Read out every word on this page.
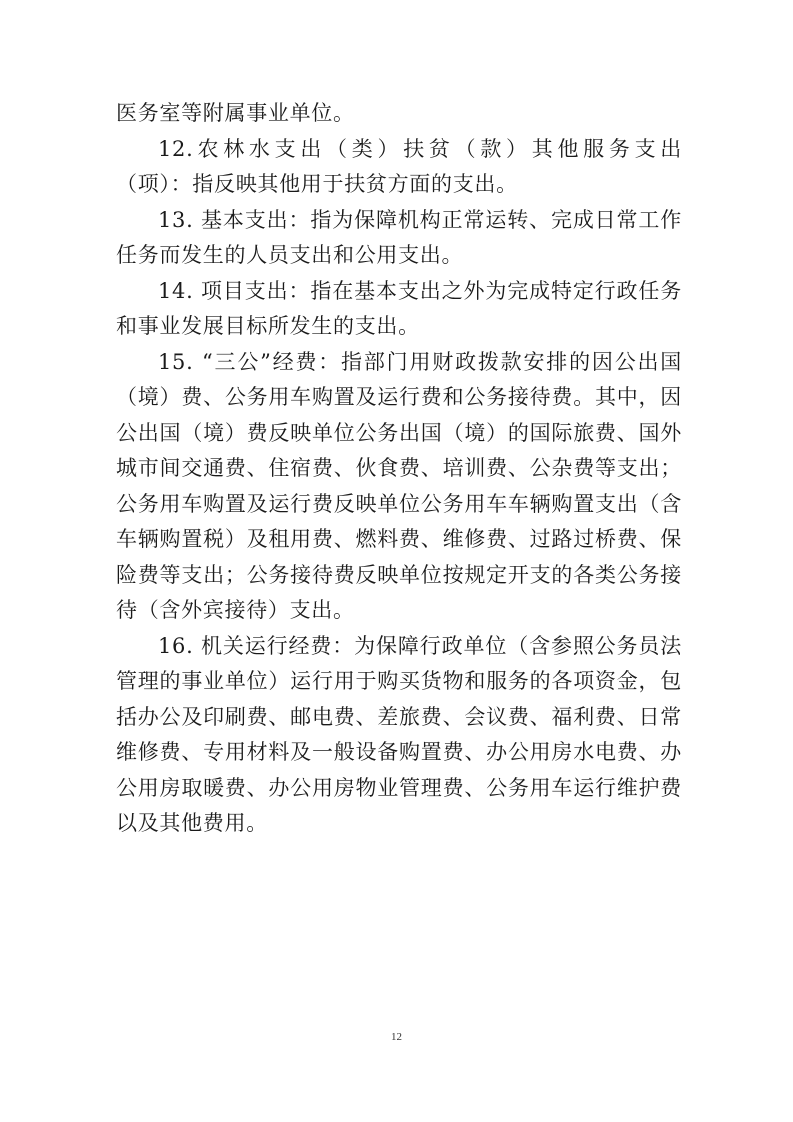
医务室等附属事业单位。

12.农林水支出（类）扶贫（款）其他服务支出（项）：指反映其他用于扶贫方面的支出。

13. 基本支出：指为保障机构正常运转、完成日常工作任务而发生的人员支出和公用支出。

14. 项目支出：指在基本支出之外为完成特定行政任务和事业发展目标所发生的支出。

15. “三公”经费：指部门用财政拨款安排的因公出国（境）费、公务用车购置及运行费和公务接待费。其中，因公出国（境）费反映单位公务出国（境）的国际旅费、国外城市间交通费、住宿费、伙食费、培训费、公杂费等支出；公务用车购置及运行费反映单位公务用车车辆购置支出（含车辆购置税）及租用费、燃料费、维修费、过路过桥费、保险费等支出；公务接待费反映单位按规定开支的各类公务接待（含外宾接待）支出。

16. 机关运行经费：为保障行政单位（含参照公务员法管理的事业单位）运行用于购买货物和服务的各项资金，包括办公及印刷费、邮电费、差旅费、会议费、福利费、日常维修费、专用材料及一般设备购置费、办公用房水电费、办公用房取暖费、办公用房物业管理费、公务用车运行维护费以及其他费用。

12
